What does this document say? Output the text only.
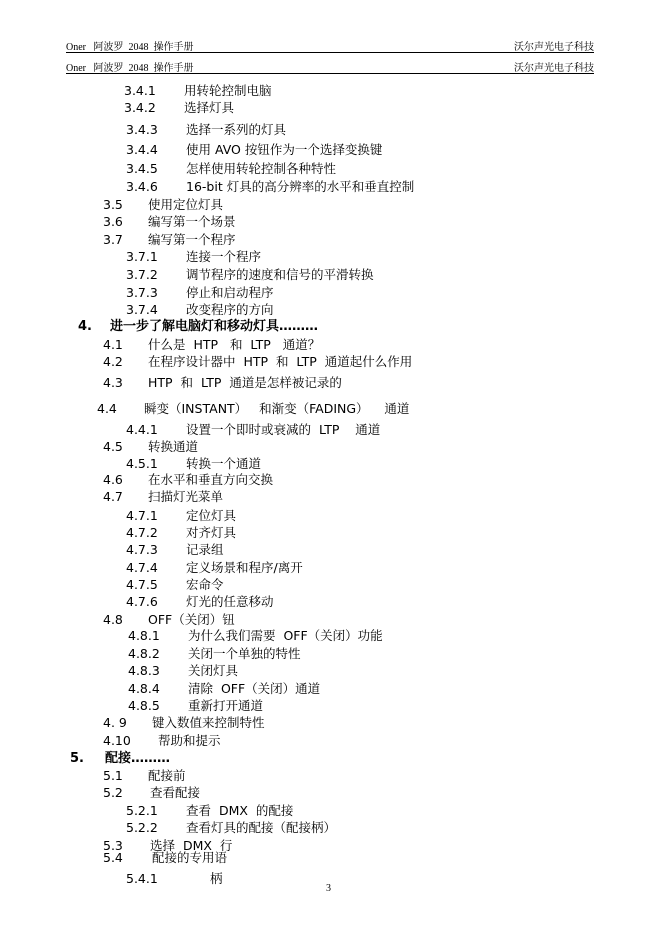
Oner   阿波罗  2048  操作手册	沃尔声光电子科技
Oner   阿波罗  2048  操作手册	沃尔声光电子科技
3.4.1 用转轮控制电脑
3.4.2 选择灯具
3.4.3 选择一系列的灯具
3.4.4 使用 AVO 按钮作为一个选择变换键
3.4.5 怎样使用转轮控制各种特性
3.4.6 16-bit 灯具的高分辨率的水平和垂直控制
3.5 使用定位灯具
3.6 编写第一个场景
3.7 编写第一个程序
3.7.1 连接一个程序
3.7.2 调节程序的速度和信号的平滑转换
3.7.3 停止和启动程序
3.7.4 改变程序的方向
4. 进一步了解电脑灯和移动灯具………
4.1 什么是  HTP   和  LTP   通道？
4.2 在程序设计器中  HTP  和  LTP  通道起什么作用
4.3 HTP  和  LTP  通道是怎样被记录的
4.4 瞬变（INSTANT）   和渐变（FADING）    通道
4.4.1 设置一个即时或衰减的  LTP    通道
4.5 转换通道
4.5.1 转换一个通道
4.6 在水平和垂直方向交换
4.7 扫描灯光菜单
4.7.1 定位灯具
4.7.2 对齐灯具
4.7.3 记录组
4.7.4 定义场景和程序/离开
4.7.5 宏命令
4.7.6 灯光的任意移动
4.8 OFF（关闭）钮
4.8.1 为什么我们需要  OFF（关闭）功能
4.8.2 关闭一个单独的特性
4.8.3 关闭灯具
4.8.4 清除  OFF（关闭）通道
4.8.5 重新打开通道
4. 9 键入数值来控制特性
4.10 帮助和提示
5. 配接………
5.1 配接前
5.2 查看配接
5.2.1 查看  DMX  的配接
5.2.2 查看灯具的配接（配接柄）
5.3 选择  DMX  行
5.4 配接的专用语
5.4.1	柄
3
